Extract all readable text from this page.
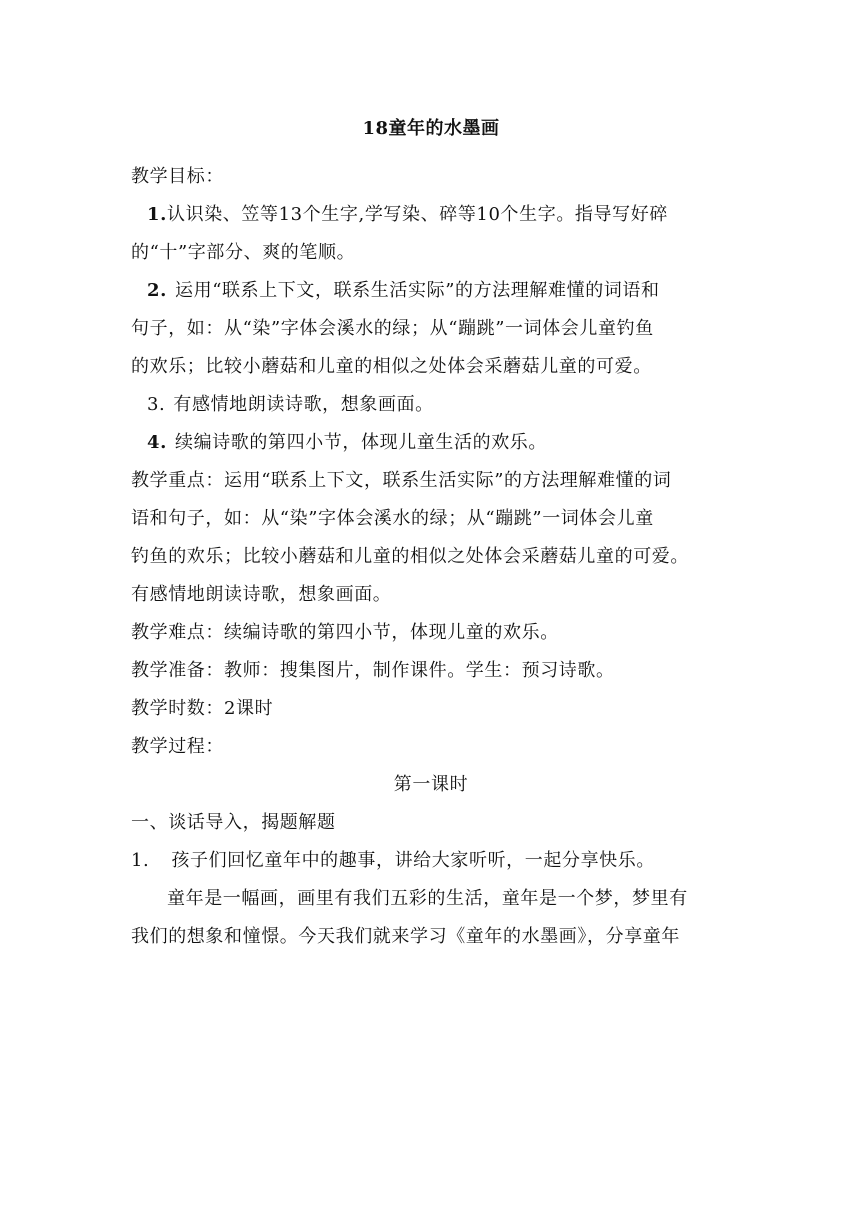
18童年的水墨画

教学目标：

1.认识染、笠等13个生字,学写染、碎等10个生字。指导写好碎

的“十”字部分、爽的笔顺。

2. 运用“联系上下文，联系生活实际”的方法理解难懂的词语和

句子，如：从“染”字体会溪水的绿；从“蹦跳”一词体会儿童钓鱼

的欢乐；比较小蘑菇和儿童的相似之处体会采蘑菇儿童的可爱。

3. 有感情地朗读诗歌，想象画面。

4. 续编诗歌的第四小节，体现儿童生活的欢乐。

教学重点：运用“联系上下文，联系生活实际”的方法理解难懂的词

语和句子，如：从“染”字体会溪水的绿；从“蹦跳”一词体会儿童

钓鱼的欢乐；比较小蘑菇和儿童的相似之处体会采蘑菇儿童的可爱。

有感情地朗读诗歌，想象画面。

教学难点：续编诗歌的第四小节，体现儿童的欢乐。

教学准备：教师：搜集图片，制作课件。学生：预习诗歌。

教学时数：2课时

教学过程：

第一课时

一、谈话导入，揭题解题

1. 孩子们回忆童年中的趣事，讲给大家听听，一起分享快乐。

童年是一幅画，画里有我们五彩的生活，童年是一个梦，梦里有

我们的想象和憧憬。今天我们就来学习《童年的水墨画》，分享童年
